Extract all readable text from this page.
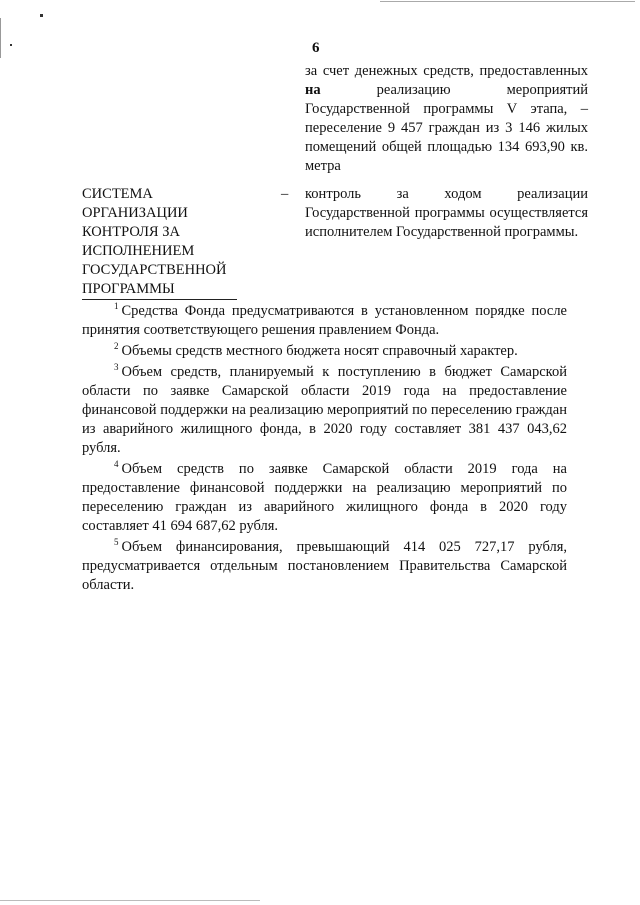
6
за счет денежных средств, предоставленных на реализацию мероприятий Государственной программы V этапа, – переселение 9 457 граждан из 3 146 жилых помещений общей площадью 134 693,90 кв. метра
СИСТЕМА
ОРГАНИЗАЦИИ
КОНТРОЛЯ ЗА
ИСПОЛНЕНИЕМ
ГОСУДАРСТВЕННОЙ
ПРОГРАММЫ
– контроль за ходом реализации Государственной программы осуществляется исполнителем Государственной программы.

$^1$ Средства Фонда предусматриваются в установленном порядке после принятия соответствующего решения правлением Фонда.

$^2$ Объемы средств местного бюджета носят справочный характер.

$^3$ Объем средств, планируемый к поступлению в бюджет Самарской области по заявке Самарской области 2019 года на предоставление финансовой поддержки на реализацию мероприятий по переселению граждан из аварийного жилищного фонда, в 2020 году составляет 381 437 043,62 рубля.

$^4$ Объем средств по заявке Самарской области 2019 года на предоставление финансовой поддержки на реализацию мероприятий по переселению граждан из аварийного жилищного фонда в 2020 году составляет 41 694 687,62 рубля.

$^5$ Объем финансирования, превышающий 414 025 727,17 рубля, предусматривается отдельным постановлением Правительства Самарской области.
